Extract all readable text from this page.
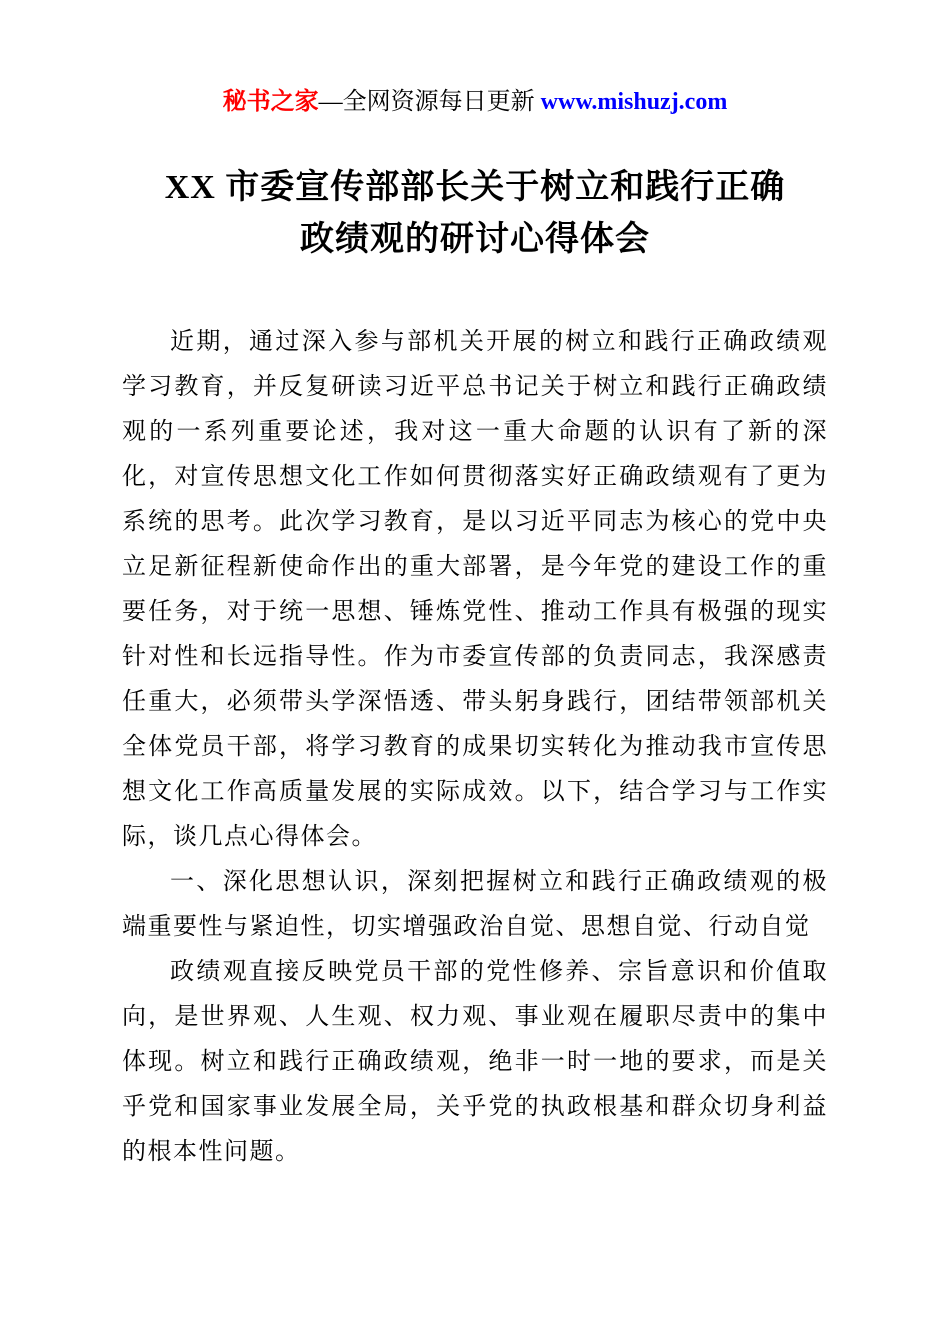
秘书之家—全网资源每日更新 www.mishuzj.com
XX 市委宣传部部长关于树立和践行正确
政绩观的研讨心得体会

近期，通过深入参与部机关开展的树立和践行正确政绩观学习教育，并反复研读习近平总书记关于树立和践行正确政绩观的一系列重要论述，我对这一重大命题的认识有了新的深化，对宣传思想文化工作如何贯彻落实好正确政绩观有了更为系统的思考。此次学习教育，是以习近平同志为核心的党中央立足新征程新使命作出的重大部署，是今年党的建设工作的重要任务，对于统一思想、锤炼党性、推动工作具有极强的现实针对性和长远指导性。作为市委宣传部的负责同志，我深感责任重大，必须带头学深悟透、带头躬身践行，团结带领部机关全体党员干部，将学习教育的成果切实转化为推动我市宣传思想文化工作高质量发展的实际成效。以下，结合学习与工作实际，谈几点心得体会。

一、深化思想认识，深刻把握树立和践行正确政绩观的极端重要性与紧迫性，切实增强政治自觉、思想自觉、行动自觉

政绩观直接反映党员干部的党性修养、宗旨意识和价值取向，是世界观、人生观、权力观、事业观在履职尽责中的集中体现。树立和践行正确政绩观，绝非一时一地的要求，而是关乎党和国家事业发展全局，关乎党的执政根基和群众切身利益的根本性问题。
